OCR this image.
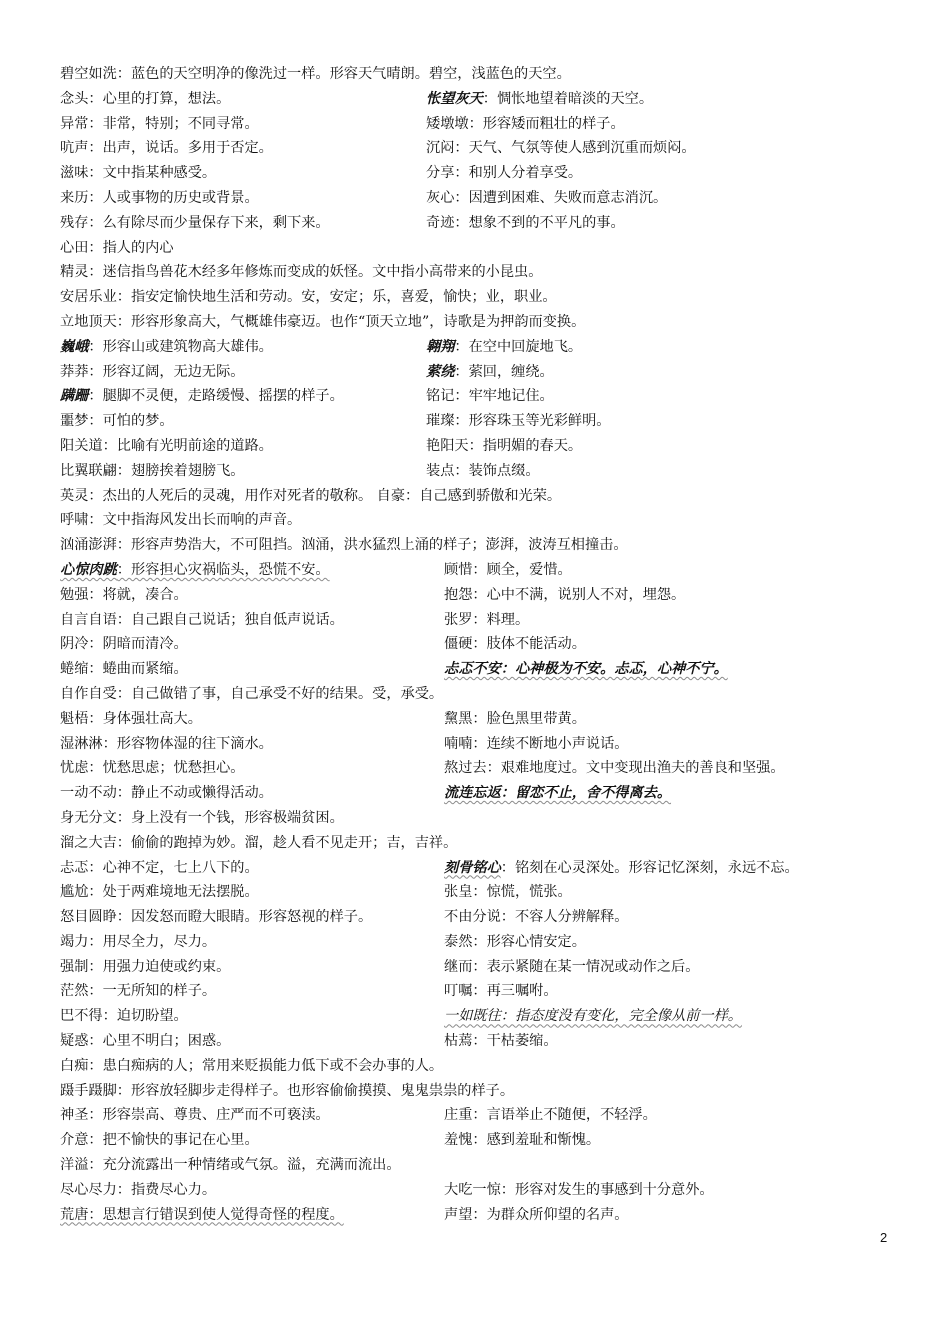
碧空如洗：蓝色的天空明净的像洗过一样。形容天气晴朗。碧空，浅蓝色的天空。
念头：心里的打算，想法。	怅望灰天：惆怅地望着暗淡的天空。
异常：非常，特别；不同寻常。	矮墩墩：形容矮而粗壮的样子。
吭声：出声，说话。多用于否定。	沉闷：天气、气氛等使人感到沉重而烦闷。
滋味：文中指某种感受。	分享：和别人分着享受。
来历：人或事物的历史或背景。	灰心：因遭到困难、失败而意志消沉。
残存：么有除尽而少量保存下来，剩下来。	奇迹：想象不到的不平凡的事。
心田：指人的内心
精灵：迷信指鸟兽花木经多年修炼而变成的妖怪。文中指小高带来的小昆虫。
安居乐业：指安定愉快地生活和劳动。安，安定；乐，喜爱，愉快；业，职业。
立地顶天：形容形象高大，气概雄伟豪迈。也作“顶天立地”，诗歌是为押韵而变换。
巍峨：形容山或建筑物高大雄伟。	翱翔：在空中回旋地飞。
莽莽：形容辽阔，无边无际。	萦绕：萦回，缠绕。
蹒跚：腿脚不灵便，走路缓慢、摇摆的样子。	铭记：牢牢地记住。
噩梦：可怕的梦。	璀璨：形容珠玉等光彩鲜明。
阳关道：比喻有光明前途的道路。	艳阳天：指明媚的春天。
比翼联翩：翅膀挨着翅膀飞。	装点：装饰点缀。
英灵：杰出的人死后的灵魂，用作对死者的敬称。 自豪：自己感到骄傲和光荣。
呼啸：文中指海风发出长而响的声音。
汹涌澎湃：形容声势浩大，不可阻挡。汹涌，洪水猛烈上涌的样子；澎湃，波涛互相撞击。
心惊肉跳：形容担心灾祸临头，恐慌不安。	顾惜：顾全，爱惜。
勉强：将就，凑合。	抱怨：心中不满，说别人不对，埋怨。
自言自语：自己跟自己说话；独自低声说话。	张罗：料理。
阴冷：阴暗而清冷。	僵硬：肢体不能活动。
蜷缩：蜷曲而紧缩。	忐忑不安：心神极为不安。忐忑，心神不宁。
自作自受：自己做错了事，自己承受不好的结果。受，承受。
魁梧：身体强壮高大。	黧黑：脸色黑里带黄。
湿淋淋：形容物体湿的往下滴水。	喃喃：连续不断地小声说话。
忧虑：忧愁思虑；忧愁担心。	熬过去：艰难地度过。文中变现出渔夫的善良和坚强。
一动不动：静止不动或懒得活动。	流连忘返：留恋不止，舍不得离去。
身无分文：身上没有一个钱，形容极端贫困。
溜之大吉：偷偷的跑掉为妙。溜，趁人看不见走开；吉，吉祥。
忐忑：心神不定，七上八下的。	刻骨铭心：铭刻在心灵深处。形容记忆深刻，永远不忘。
尴尬：处于两难境地无法摆脱。	张皇：惊慌，慌张。
怒目圆睁：因发怒而瞪大眼睛。形容怒视的样子。	不由分说：不容人分辨解释。
竭力：用尽全力，尽力。	泰然：形容心情安定。
强制：用强力迫使或约束。	继而：表示紧随在某一情况或动作之后。
茫然：一无所知的样子。	叮嘱：再三嘱咐。
巴不得：迫切盼望。	一如既往：指态度没有变化，完全像从前一样。
疑惑：心里不明白；困惑。	枯蔫：干枯萎缩。
白痴：患白痴病的人；常用来贬损能力低下或不会办事的人。
蹑手蹑脚：形容放轻脚步走得样子。也形容偷偷摸摸、鬼鬼祟祟的样子。
神圣：形容崇高、尊贵、庄严而不可亵渎。	庄重：言语举止不随便，不轻浮。
介意：把不愉快的事记在心里。	羞愧：感到羞耻和惭愧。
洋溢：充分流露出一种情绪或气氛。溢，充满而流出。
尽心尽力：指费尽心力。	大吃一惊：形容对发生的事感到十分意外。
荒唐：思想言行错误到使人觉得奇怪的程度。	声望：为群众所仰望的名声。
2
